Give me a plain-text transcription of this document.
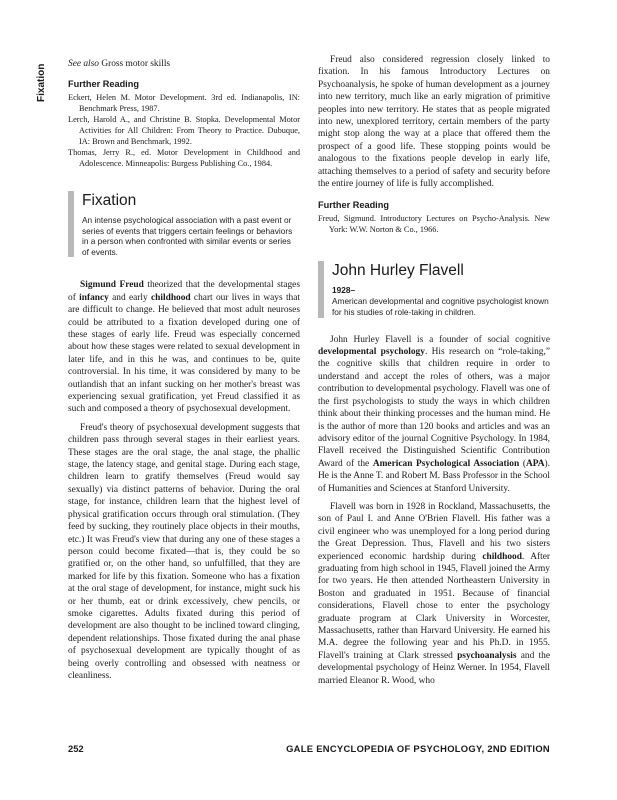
Fixation See also Gross motor skills
Further Reading

Eckert, Helen M. Motor Development. 3rd ed. Indianapolis, IN: Benchmark Press, 1987.

Lerch, Harold A., and Christine B. Stopka. Developmental Motor Activities for All Children: From Theory to Practice. Dubuque, IA: Brown and Benchmark, 1992.

Thomas, Jerry R., ed. Motor Development in Childhood and Adolescence. Minneapolis: Burgess Publishing Co., 1984.

Fixation

An intense psychological association with a past event or series of events that triggers certain feelings or behaviors in a person when confronted with similar events or series of events.

Sigmund Freud theorized that the developmental stages of infancy and early childhood chart our lives in ways that are difficult to change. He believed that most adult neuroses could be attributed to a fixation developed during one of these stages of early life. Freud was especially concerned about how these stages were related to sexual development in later life, and in this he was, and continues to be, quite controversial. In his time, it was considered by many to be outlandish that an infant sucking on her mother's breast was experiencing sexual gratification, yet Freud classified it as such and composed a theory of psychosexual development.

Freud's theory of psychosexual development suggests that children pass through several stages in their earliest years. These stages are the oral stage, the anal stage, the phallic stage, the latency stage, and genital stage. During each stage, children learn to gratify themselves (Freud would say sexually) via distinct patterns of behavior. During the oral stage, for instance, children learn that the highest level of physical gratification occurs through oral stimulation. (They feed by sucking, they routinely place objects in their mouths, etc.) It was Freud's view that during any one of these stages a person could become fixated—that is, they could be so gratified or, on the other hand, so unfulfilled, that they are marked for life by this fixation. Someone who has a fixation at the oral stage of development, for instance, might suck his or her thumb, eat or drink excessively, chew pencils, or smoke cigarettes. Adults fixated during this period of development are also thought to be inclined toward clinging, dependent relationships. Those fixated during the anal phase of psychosexual development are typically thought of as being overly controlling and obsessed with neatness or cleanliness.

Freud also considered regression closely linked to fixation. In his famous Introductory Lectures on Psychoanalysis, he spoke of human development as a journey into new territory, much like an early migration of primitive peoples into new territory. He states that as people migrated into new, unexplored territory, certain members of the party might stop along the way at a place that offered them the prospect of a good life. These stopping points would be analogous to the fixations people develop in early life, attaching themselves to a period of safety and security before the entire journey of life is fully accomplished.

Further Reading

Freud, Sigmund. Introductory Lectures on Psycho-Analysis. New York: W.W. Norton & Co., 1966.

John Hurley Flavell
1928–

American developmental and cognitive psychologist known for his studies of role-taking in children.

John Hurley Flavell is a founder of social cognitive developmental psychology. His research on “role-taking,” the cognitive skills that children require in order to understand and accept the roles of others, was a major contribution to developmental psychology. Flavell was one of the first psychologists to study the ways in which children think about their thinking processes and the human mind. He is the author of more than 120 books and articles and was an advisory editor of the journal Cognitive Psychology. In 1984, Flavell received the Distinguished Scientific Contribution Award of the American Psychological Association (APA). He is the Anne T. and Robert M. Bass Professor in the School of Humanities and Sciences at Stanford University.

Flavell was born in 1928 in Rockland, Massachusetts, the son of Paul I. and Anne O'Brien Flavell. His father was a civil engineer who was unemployed for a long period during the Great Depression. Thus, Flavell and his two sisters experienced economic hardship during childhood. After graduating from high school in 1945, Flavell joined the Army for two years. He then attended Northeastern University in Boston and graduated in 1951. Because of financial considerations, Flavell chose to enter the psychology graduate program at Clark University in Worcester, Massachusetts, rather than Harvard University. He earned his M.A. degree the following year and his Ph.D. in 1955. Flavell's training at Clark stressed psychoanalysis and the developmental psychology of Heinz Werner. In 1954, Flavell married Eleanor R. Wood, who

252	GALE ENCYCLOPEDIA OF PSYCHOLOGY, 2ND EDITION
